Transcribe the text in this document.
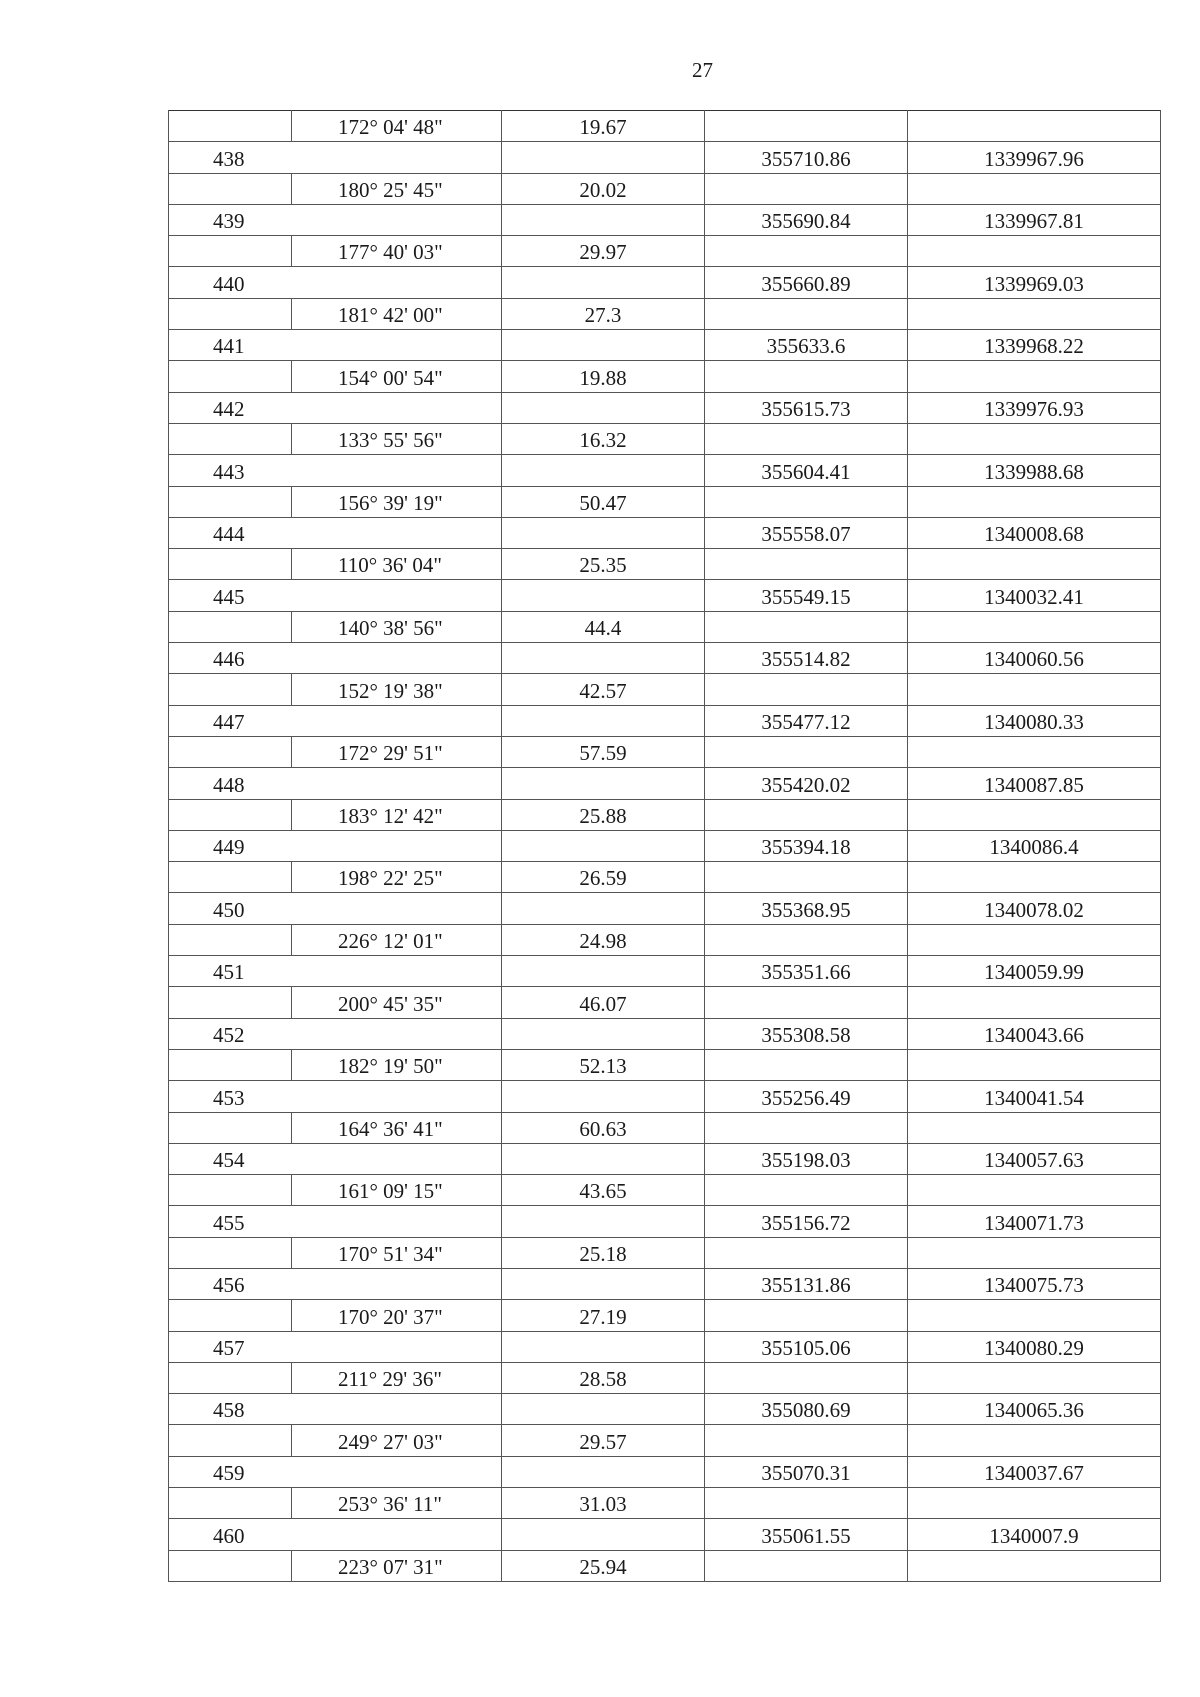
27
	172° 04' 48"	19.67		
438			355710.86	1339967.96
	180° 25' 45"	20.02		
439			355690.84	1339967.81
	177° 40' 03"	29.97		
440			355660.89	1339969.03
	181° 42' 00"	27.3		
441			355633.6	1339968.22
	154° 00' 54"	19.88		
442			355615.73	1339976.93
	133° 55' 56"	16.32		
443			355604.41	1339988.68
	156° 39' 19"	50.47		
444			355558.07	1340008.68
	110° 36' 04"	25.35		
445			355549.15	1340032.41
	140° 38' 56"	44.4		
446			355514.82	1340060.56
	152° 19' 38"	42.57		
447			355477.12	1340080.33
	172° 29' 51"	57.59		
448			355420.02	1340087.85
	183° 12' 42"	25.88		
449			355394.18	1340086.4
	198° 22' 25"	26.59		
450			355368.95	1340078.02
	226° 12' 01"	24.98		
451			355351.66	1340059.99
	200° 45' 35"	46.07		
452			355308.58	1340043.66
	182° 19' 50"	52.13		
453			355256.49	1340041.54
	164° 36' 41"	60.63		
454			355198.03	1340057.63
	161° 09' 15"	43.65		
455			355156.72	1340071.73
	170° 51' 34"	25.18		
456			355131.86	1340075.73
	170° 20' 37"	27.19		
457			355105.06	1340080.29
	211° 29' 36"	28.58		
458			355080.69	1340065.36
	249° 27' 03"	29.57		
459			355070.31	1340037.67
	253° 36' 11"	31.03		
460			355061.55	1340007.9
	223° 07' 31"	25.94		
